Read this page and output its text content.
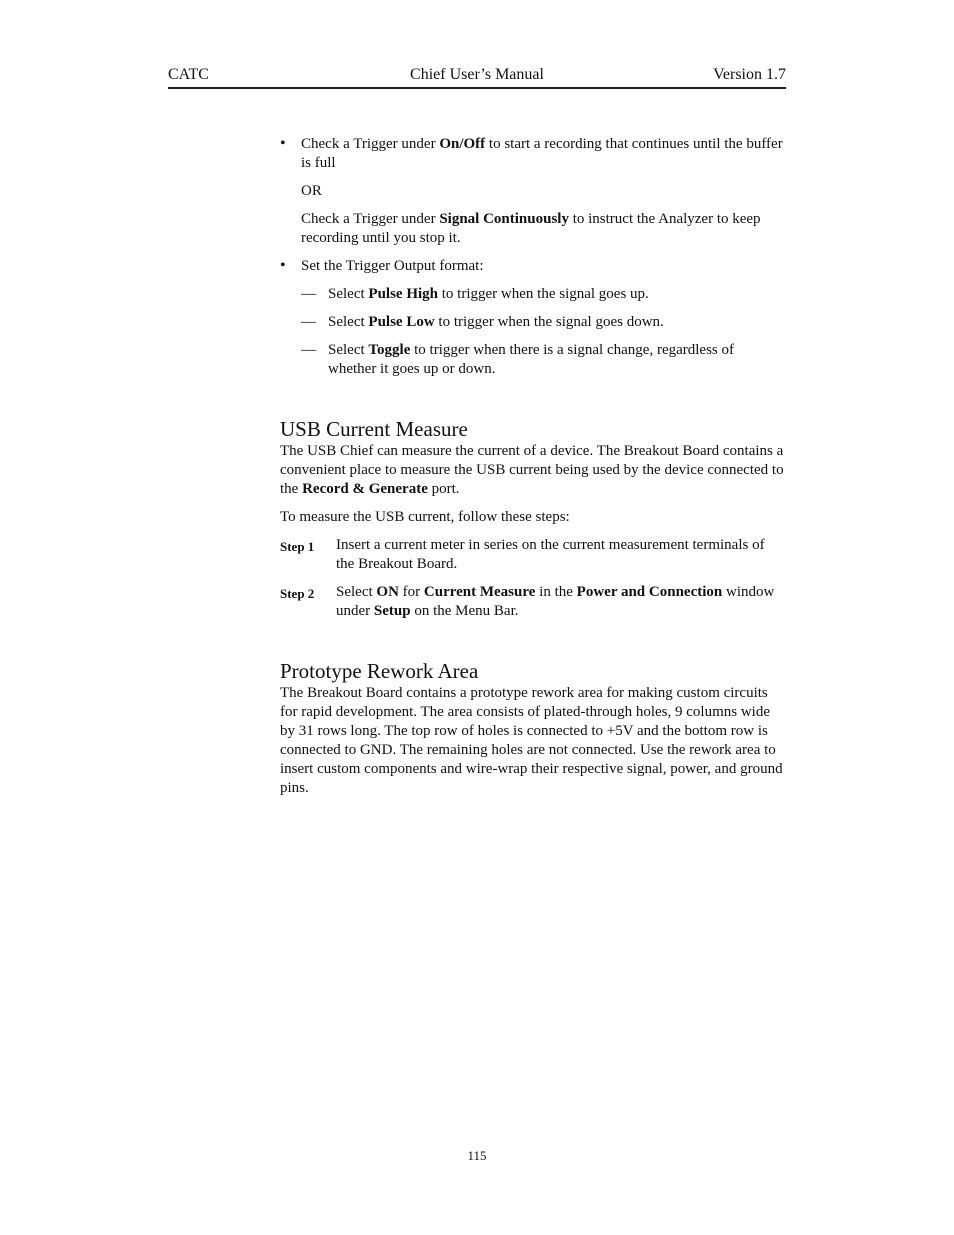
CATC	Chief User’s Manual	Version 1.7
• Check a Trigger under On/Off to start a recording that continues until the buffer is full
OR
Check a Trigger under Signal Continuously to instruct the Analyzer to keep recording until you stop it.
• Set the Trigger Output format:
— Select Pulse High to trigger when the signal goes up.
— Select Pulse Low to trigger when the signal goes down.
— Select Toggle to trigger when there is a signal change, regardless of whether it goes up or down.
USB Current Measure
The USB Chief can measure the current of a device. The Breakout Board contains a convenient place to measure the USB current being used by the device connected to the Record & Generate port.
To measure the USB current, follow these steps:
Step 1 Insert a current meter in series on the current measurement terminals of the Breakout Board.
Step 2 Select ON for Current Measure in the Power and Connection window under Setup on the Menu Bar.
Prototype Rework Area
The Breakout Board contains a prototype rework area for making custom circuits for rapid development. The area consists of plated-through holes, 9 columns wide by 31 rows long. The top row of holes is connected to +5V and the bottom row is connected to GND. The remaining holes are not connected. Use the rework area to insert custom components and wire-wrap their respective signal, power, and ground pins.
115
